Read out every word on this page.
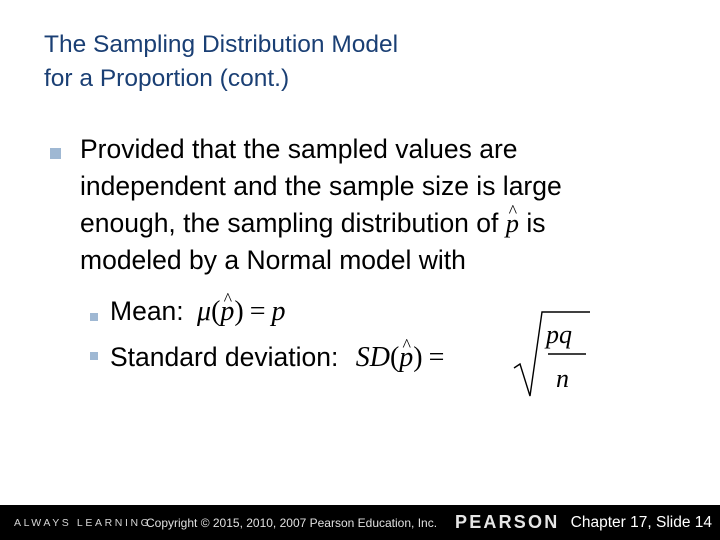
The Sampling Distribution Model
for a Proportion (cont.)
Provided that the sampled values are
independent and the sample size is large
enough, the sampling distribution of ^ p is
modeled by a Normal model with
Mean: μ(^ p) = p
Standard deviation: SD(^ p) =
pq
n
ALWAYS LEARNING
Copyright © 2015, 2010, 2007 Pearson Education, Inc. PEARSON Chapter 17, Slide 14
